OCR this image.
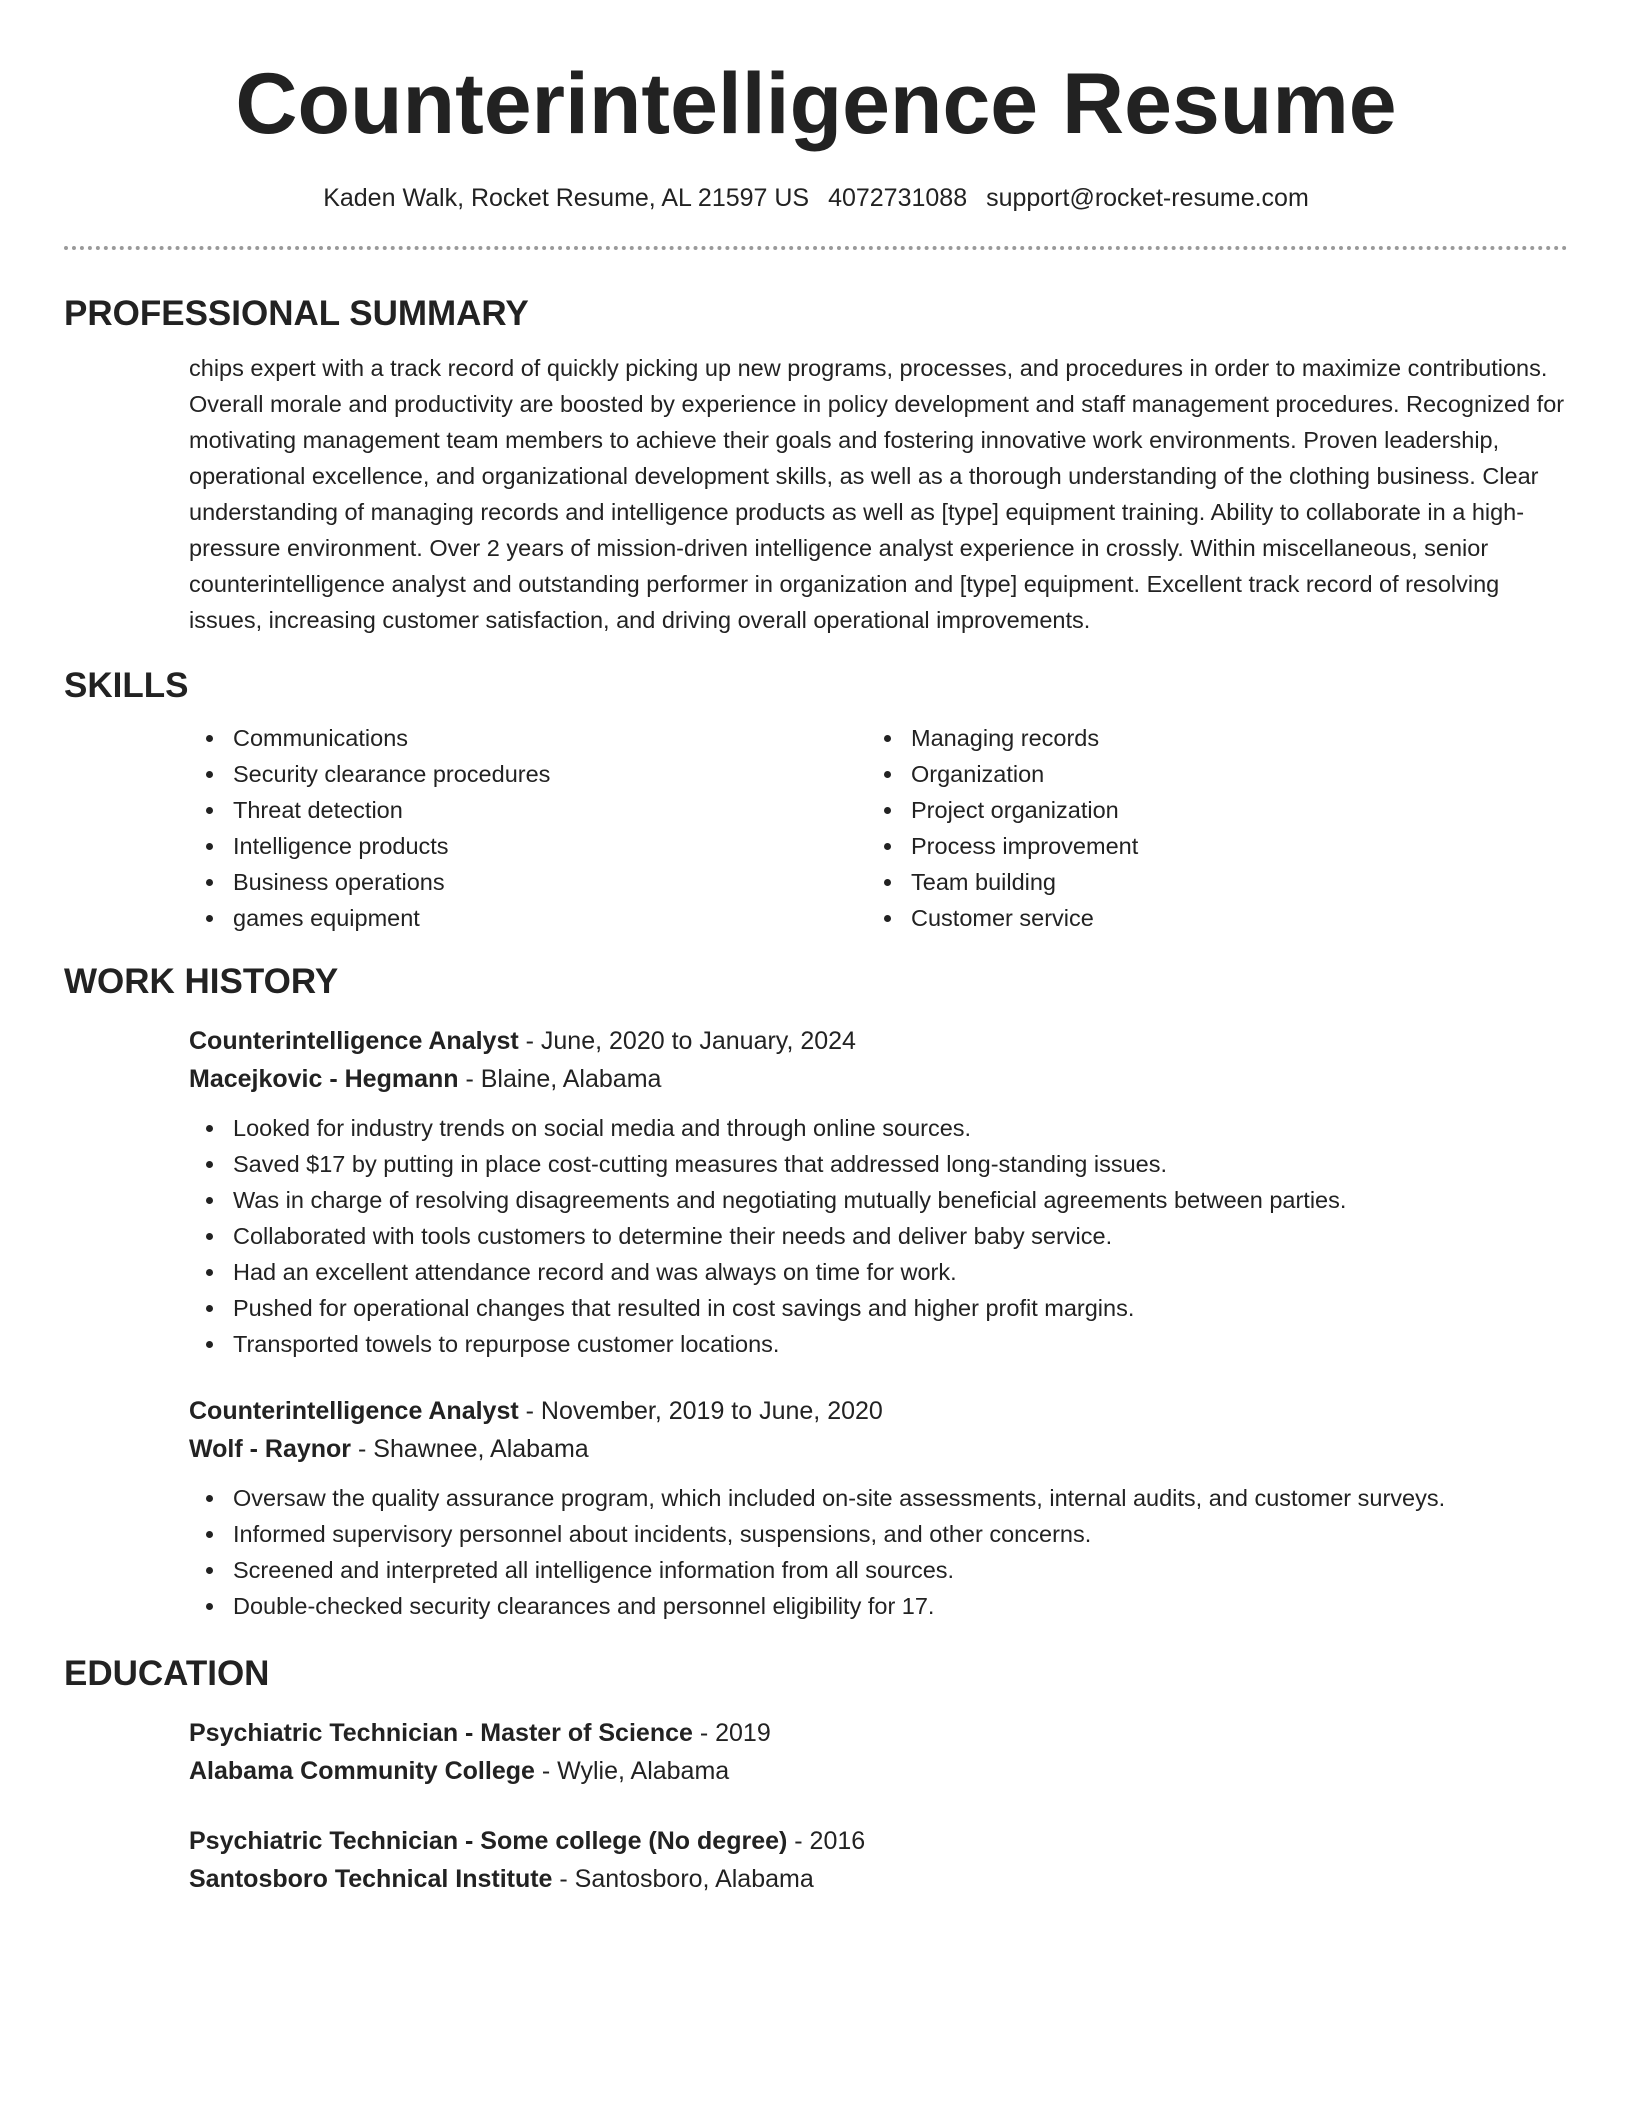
Counterintelligence Resume
Kaden Walk, Rocket Resume, AL 21597 US 4072731088 support@rocket-resume.com
PROFESSIONAL SUMMARY

chips expert with a track record of quickly picking up new programs, processes, and procedures in order to maximize contributions. Overall morale and productivity are boosted by experience in policy development and staff management procedures. Recognized for motivating management team members to achieve their goals and fostering innovative work environments. Proven leadership, operational excellence, and organizational development skills, as well as a thorough understanding of the clothing business. Clear understanding of managing records and intelligence products as well as [type] equipment training. Ability to collaborate in a high-pressure environment. Over 2 years of mission-driven intelligence analyst experience in crossly. Within miscellaneous, senior counterintelligence analyst and outstanding performer in organization and [type] equipment. Excellent track record of resolving issues, increasing customer satisfaction, and driving overall operational improvements.

SKILLS
Communications
Security clearance procedures
Threat detection
Intelligence products
Business operations
games equipment
Managing records
Organization
Project organization
Process improvement
Team building
Customer service
WORK HISTORY
Counterintelligence Analyst - June, 2020 to January, 2024
Macejkovic - Hegmann - Blaine, Alabama
Looked for industry trends on social media and through online sources.
Saved $17 by putting in place cost-cutting measures that addressed long-standing issues.
Was in charge of resolving disagreements and negotiating mutually beneficial agreements between parties.
Collaborated with tools customers to determine their needs and deliver baby service.
Had an excellent attendance record and was always on time for work.
Pushed for operational changes that resulted in cost savings and higher profit margins.
Transported towels to repurpose customer locations.
Counterintelligence Analyst - November, 2019 to June, 2020
Wolf - Raynor - Shawnee, Alabama
Oversaw the quality assurance program, which included on-site assessments, internal audits, and customer surveys.
Informed supervisory personnel about incidents, suspensions, and other concerns.
Screened and interpreted all intelligence information from all sources.
Double-checked security clearances and personnel eligibility for 17.
EDUCATION
Psychiatric Technician - Master of Science - 2019
Alabama Community College - Wylie, Alabama
Psychiatric Technician - Some college (No degree) - 2016
Santosboro Technical Institute - Santosboro, Alabama
